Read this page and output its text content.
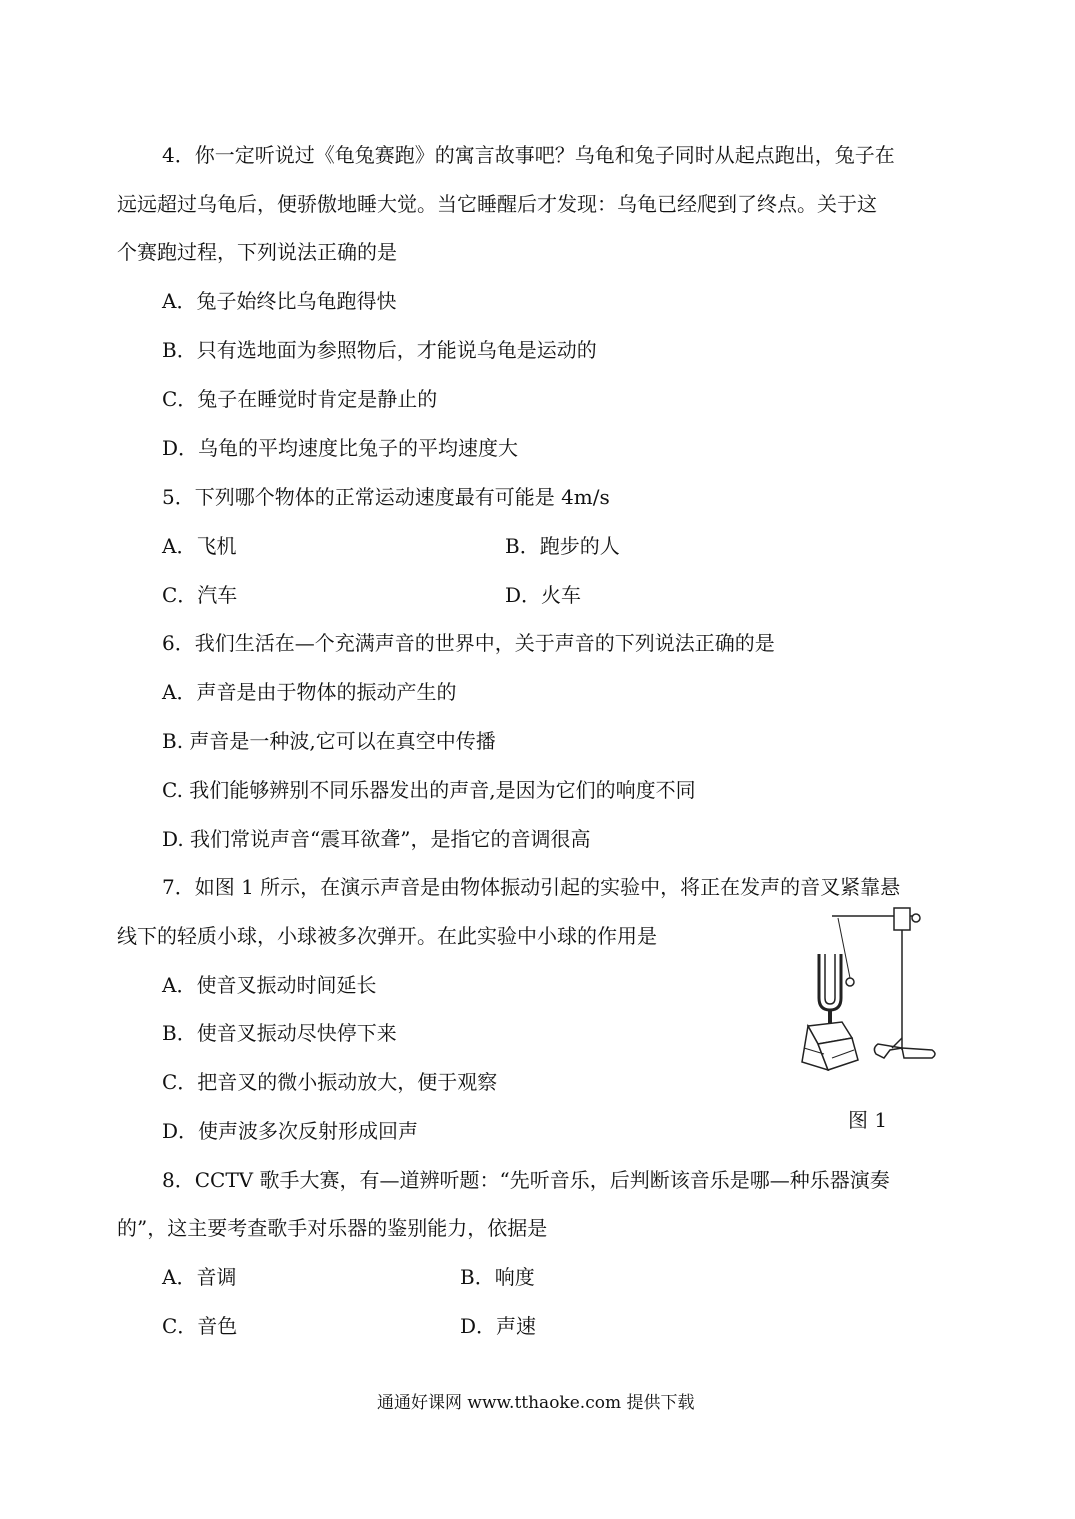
4．你一定听说过《龟兔赛跑》的寓言故事吧？乌龟和兔子同时从起点跑出，兔子在
远远超过乌龟后，便骄傲地睡大觉。当它睡醒后才发现：乌龟已经爬到了终点。关于这
个赛跑过程，下列说法正确的是
A．兔子始终比乌龟跑得快
B．只有选地面为参照物后，才能说乌龟是运动的
C．兔子在睡觉时肯定是静止的
D．乌龟的平均速度比兔子的平均速度大
5．下列哪个物体的正常运动速度最有可能是 4m/s
A．飞机	B．跑步的人
C．汽车	D．火车
6．我们生活在—个充满声音的世界中，关于声音的下列说法正确的是
A．声音是由于物体的振动产生的
B. 声音是一种波,它可以在真空中传播
C. 我们能够辨别不同乐器发出的声音,是因为它们的响度不同
D. 我们常说声音“震耳欲聋”，是指它的音调很高
7．如图 1 所示，在演示声音是由物体振动引起的实验中，将正在发声的音叉紧靠悬
线下的轻质小球，小球被多次弹开。在此实验中小球的作用是
A．使音叉振动时间延长
B．使音叉振动尽快停下来
C．把音叉的微小振动放大，便于观察
D．使声波多次反射形成回声	图 1
8．CCTV 歌手大赛，有—道辨听题：“先听音乐，后判断该音乐是哪—种乐器演奏
的”，这主要考查歌手对乐器的鉴别能力，依据是
A．音调	B．响度
C．音色	D．声速
通通好课网 www.tthaoke.com 提供下载
